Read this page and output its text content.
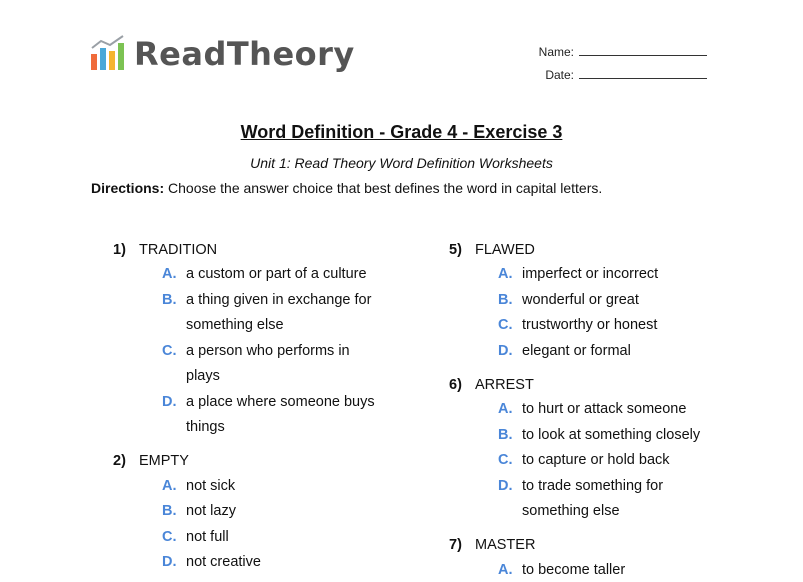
ReadTheory	Name:
Date:
Word Definition - Grade 4 - Exercise 3
Unit 1: Read Theory Word Definition Worksheets
Directions: Choose the answer choice that best defines the word in capital letters.
1) TRADITION
A. a custom or part of a culture
B. a thing given in exchange for something else
C. a person who performs in plays
D. a place where someone buys things
2) EMPTY
A. not sick
B. not lazy
C. not full
D. not creative
5) FLAWED
A. imperfect or incorrect
B. wonderful or great
C. trustworthy or honest
D. elegant or formal
6) ARREST
A. to hurt or attack someone
B. to look at something closely
C. to capture or hold back
D. to trade something for something else
7) MASTER
A. to become taller
